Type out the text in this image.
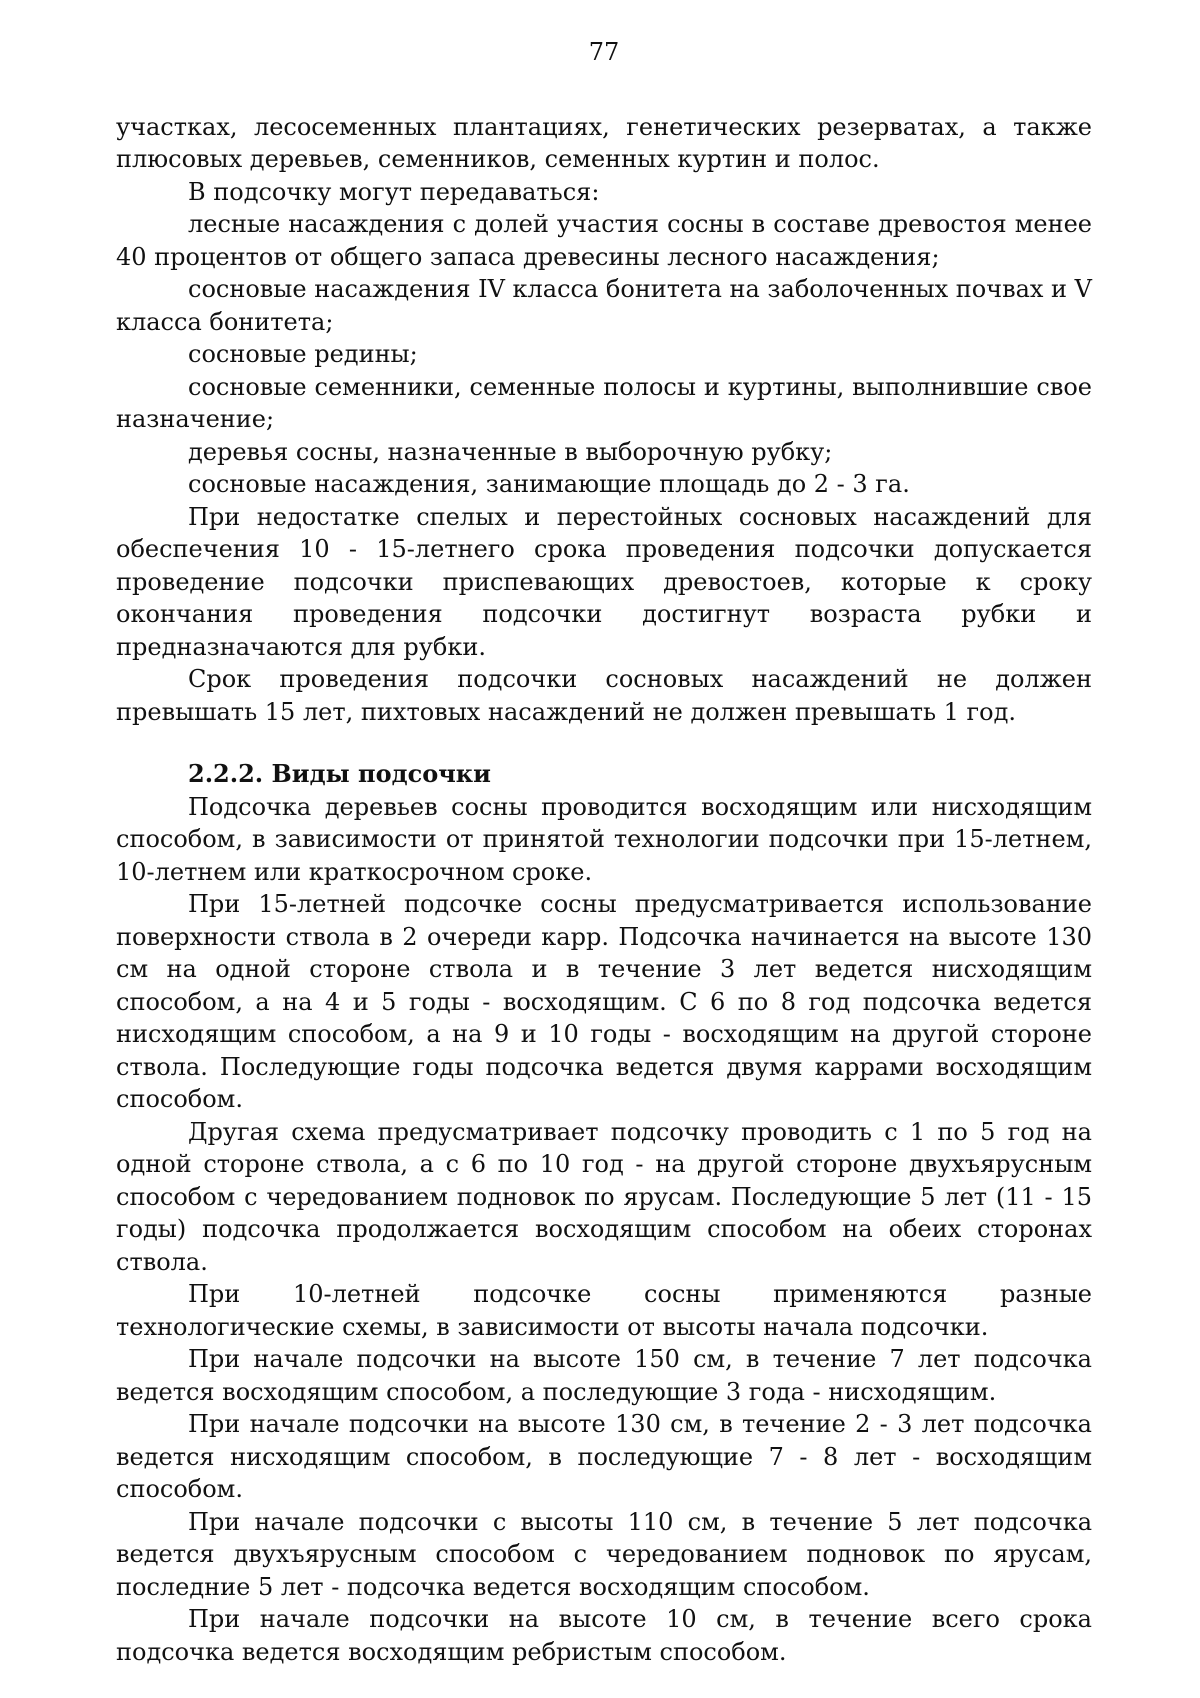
77

участках, лесосеменных плантациях, генетических резерватах, а также плюсовых деревьев, семенников, семенных куртин и полос.

В подсочку могут передаваться:

лесные насаждения с долей участия сосны в составе древостоя менее 40 процентов от общего запаса древесины лесного насаждения;

сосновые насаждения IV класса бонитета на заболоченных почвах и V класса бонитета;

сосновые редины;

сосновые семенники, семенные полосы и куртины, выполнившие свое назначение;

деревья сосны, назначенные в выборочную рубку;

сосновые насаждения, занимающие площадь до 2 - 3 га.

При недостатке спелых и перестойных сосновых насаждений для обеспечения 10 - 15-летнего срока проведения подсочки допускается проведение подсочки приспевающих древостоев, которые к сроку окончания проведения подсочки достигнут возраста рубки и предназначаются для рубки.

Срок проведения подсочки сосновых насаждений не должен превышать 15 лет, пихтовых насаждений не должен превышать 1 год.

2.2.2. Виды подсочки

Подсочка деревьев сосны проводится восходящим или нисходящим способом, в зависимости от принятой технологии подсочки при 15-летнем, 10-летнем или краткосрочном сроке.

При 15-летней подсочке сосны предусматривается использование поверхности ствола в 2 очереди карр. Подсочка начинается на высоте 130 см на одной стороне ствола и в течение 3 лет ведется нисходящим способом, а на 4 и 5 годы - восходящим. С 6 по 8 год подсочка ведется нисходящим способом, а на 9 и 10 годы - восходящим на другой стороне ствола. Последующие годы подсочка ведется двумя каррами восходящим способом.

Другая схема предусматривает подсочку проводить с 1 по 5 год на одной стороне ствола, а с 6 по 10 год - на другой стороне двухъярусным способом с чередованием подновок по ярусам. Последующие 5 лет (11 - 15 годы) подсочка продолжается восходящим способом на обеих сторонах ствола.

При 10-летней подсочке сосны применяются разные технологические схемы, в зависимости от высоты начала подсочки.

При начале подсочки на высоте 150 см, в течение 7 лет подсочка ведется восходящим способом, а последующие 3 года - нисходящим.

При начале подсочки на высоте 130 см, в течение 2 - 3 лет подсочка ведется нисходящим способом, в последующие 7 - 8 лет - восходящим способом.

При начале подсочки с высоты 110 см, в течение 5 лет подсочка ведется двухъярусным способом с чередованием подновок по ярусам, последние 5 лет - подсочка ведется восходящим способом.

При начале подсочки на высоте 10 см, в течение всего срока подсочка ведется восходящим ребристым способом.
